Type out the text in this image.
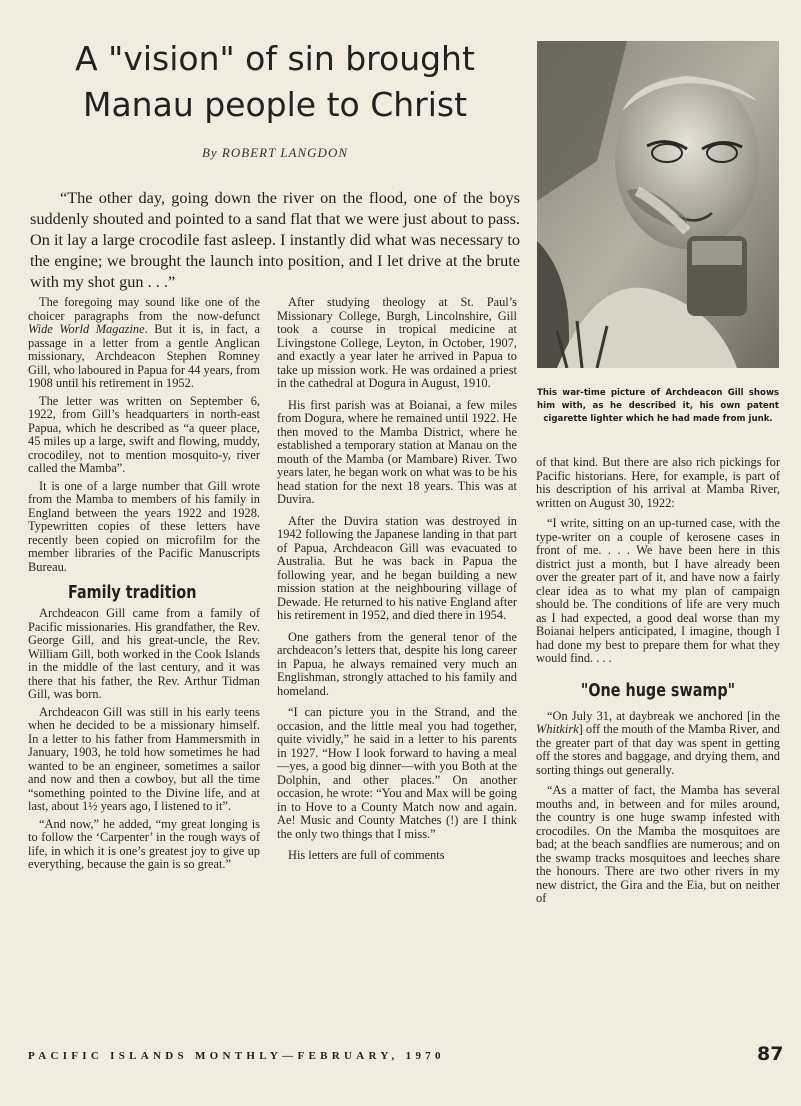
A "vision" of sin brought
Manau people to Christ
By ROBERT LANGDON
“The other day, going down the river on the flood, one of the boys suddenly shouted and pointed to a sand flat that we were just about to pass. On it lay a large crocodile fast asleep. I instantly did what was necessary to the engine; we brought the launch into position, and I let drive at the brute with my shot gun . . .”
This war-time picture of Archdeacon Gill shows him with, as he described it, his own patent cigarette lighter which he had made from junk.

The foregoing may sound like one of the choicer paragraphs from the now-defunct Wide World Magazine. But it is, in fact, a passage in a letter from a gentle Anglican missionary, Archdeacon Stephen Romney Gill, who laboured in Papua for 44 years, from 1908 until his retirement in 1952.

The letter was written on September 6, 1922, from Gill’s headquarters in north-east Papua, which he described as “a queer place, 45 miles up a large, swift and flowing, muddy, crocodiley, not to mention mosquito-y, river called the Mamba”.

It is one of a large number that Gill wrote from the Mamba to members of his family in England between the years 1922 and 1928. Typewritten copies of these letters have recently been copied on microfilm for the member libraries of the Pacific Manuscripts Bureau.

Family tradition

Archdeacon Gill came from a family of Pacific missionaries. His grandfather, the Rev. George Gill, and his great-uncle, the Rev. William Gill, both worked in the Cook Islands in the middle of the last century, and it was there that his father, the Rev. Arthur Tidman Gill, was born.

Archdeacon Gill was still in his early teens when he decided to be a missionary himself. In a letter to his father from Hammersmith in January, 1903, he told how sometimes he had wanted to be an engineer, sometimes a sailor and now and then a cowboy, but all the time “something pointed to the Divine life, and at last, about 1½ years ago, I listened to it”.

“And now,” he added, “my great longing is to follow the ‘Carpenter’ in the rough ways of life, in which it is one’s greatest joy to give up everything, because the gain is so great.”

After studying theology at St. Paul’s Missionary College, Burgh, Lincolnshire, Gill took a course in tropical medicine at Livingstone College, Leyton, in October, 1907, and exactly a year later he arrived in Papua to take up mission work. He was ordained a priest in the cathedral at Dogura in August, 1910.

His first parish was at Boianai, a few miles from Dogura, where he remained until 1922. He then moved to the Mamba District, where he established a temporary station at Manau on the mouth of the Mamba (or Mambare) River. Two years later, he began work on what was to be his head station for the next 18 years. This was at Duvira.

After the Duvira station was destroyed in 1942 following the Japanese landing in that part of Papua, Archdeacon Gill was evacuated to Australia. But he was back in Papua the following year, and he began building a new mission station at the neighbouring village of Dewade. He returned to his native England after his retirement in 1952, and died there in 1954.

One gathers from the general tenor of the archdeacon’s letters that, despite his long career in Papua, he always remained very much an Englishman, strongly attached to his family and homeland.

“I can picture you in the Strand, and the occasion, and the little meal you had together, quite vividly,” he said in a letter to his parents in 1927. “How I look forward to having a meal—yes, a good big dinner—with you Both at the Dolphin, and other places.” On another occasion, he wrote: “You and Max will be going in to Hove to a County Match now and again. Ae! Music and County Matches (!) are I think the only two things that I miss.”

His letters are full of comments

of that kind. But there are also rich pickings for Pacific historians. Here, for example, is part of his description of his arrival at Mamba River, written on August 30, 1922:

“I write, sitting on an up-turned case, with the type-writer on a couple of kerosene cases in front of me. . . . We have been here in this district just a month, but I have already been over the greater part of it, and have now a fairly clear idea as to what my plan of campaign should be. The conditions of life are very much as I had expected, a good deal worse than my Boianai helpers anticipated, I imagine, though I had done my best to prepare them for what they would find. . . .

"One huge swamp"

“On July 31, at daybreak we anchored [in the Whitkirk] off the mouth of the Mamba River, and the greater part of that day was spent in getting off the stores and baggage, and drying them, and sorting things out generally.

“As a matter of fact, the Mamba has several mouths and, in between and for miles around, the country is one huge swamp infested with crocodiles. On the Mamba the mosquitoes are bad; at the beach sandflies are numerous; and on the swamp tracks mosquitoes and leeches share the honours. There are two other rivers in my new district, the Gira and the Eia, but on neither of

PACIFIC ISLANDS MONTHLY—FEBRUARY, 1970	87
